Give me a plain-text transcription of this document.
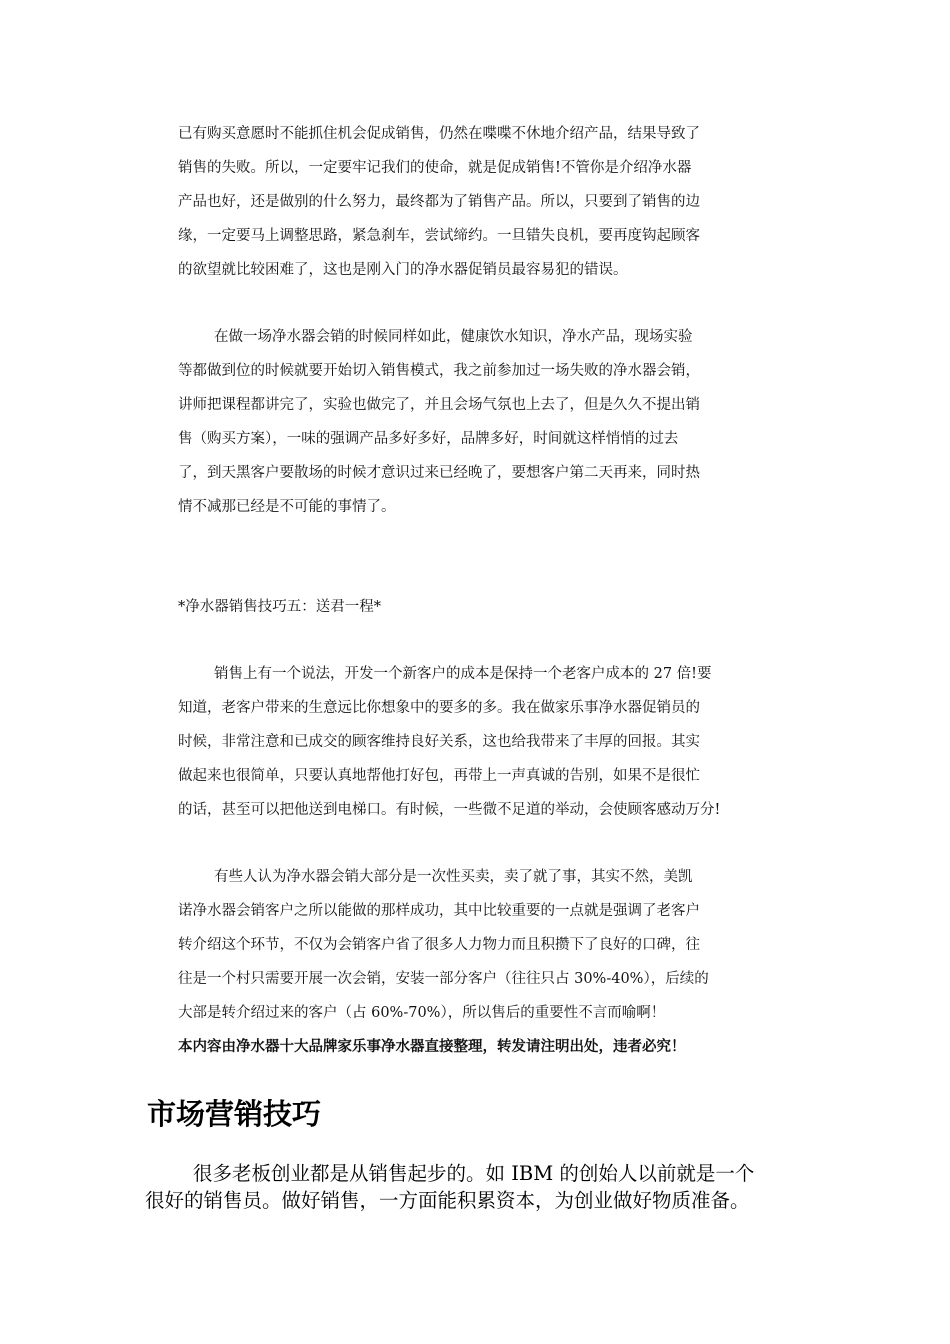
已有购买意愿时不能抓住机会促成销售，仍然在喋喋不休地介绍产品，结果导致了
销售的失败。所以，一定要牢记我们的使命，就是促成销售!不管你是介绍净水器
产品也好，还是做别的什么努力，最终都为了销售产品。所以，只要到了销售的边
缘，一定要马上调整思路，紧急刹车，尝试缔约。一旦错失良机，要再度钩起顾客
的欲望就比较困难了，这也是刚入门的净水器促销员最容易犯的错误。
在做一场净水器会销的时候同样如此，健康饮水知识，净水产品，现场实验
等都做到位的时候就要开始切入销售模式，我之前参加过一场失败的净水器会销，
讲师把课程都讲完了，实验也做完了，并且会场气氛也上去了，但是久久不提出销
售（购买方案），一味的强调产品多好多好，品牌多好，时间就这样悄悄的过去
了，到天黑客户要散场的时候才意识过来已经晚了，要想客户第二天再来，同时热
情不减那已经是不可能的事情了。
*净水器销售技巧五：送君一程*
销售上有一个说法，开发一个新客户的成本是保持一个老客户成本的 27 倍!要
知道，老客户带来的生意远比你想象中的要多的多。我在做家乐事净水器促销员的
时候，非常注意和已成交的顾客维持良好关系，这也给我带来了丰厚的回报。其实
做起来也很简单，只要认真地帮他打好包，再带上一声真诚的告别，如果不是很忙
的话，甚至可以把他送到电梯口。有时候，一些微不足道的举动，会使顾客感动万分!
有些人认为净水器会销大部分是一次性买卖，卖了就了事，其实不然，美凯
诺净水器会销客户之所以能做的那样成功，其中比较重要的一点就是强调了老客户
转介绍这个环节，不仅为会销客户省了很多人力物力而且积攒下了良好的口碑，往
往是一个村只需要开展一次会销，安装一部分客户（往往只占 30%-40%），后续的
大部是转介绍过来的客户（占 60%-70%），所以售后的重要性不言而喻啊！
本内容由净水器十大品牌家乐事净水器直接整理，转发请注明出处，违者必究！
市场营销技巧
很多老板创业都是从销售起步的。如 IBM 的创始人以前就是一个
很好的销售员。做好销售，一方面能积累资本，为创业做好物质准备。
